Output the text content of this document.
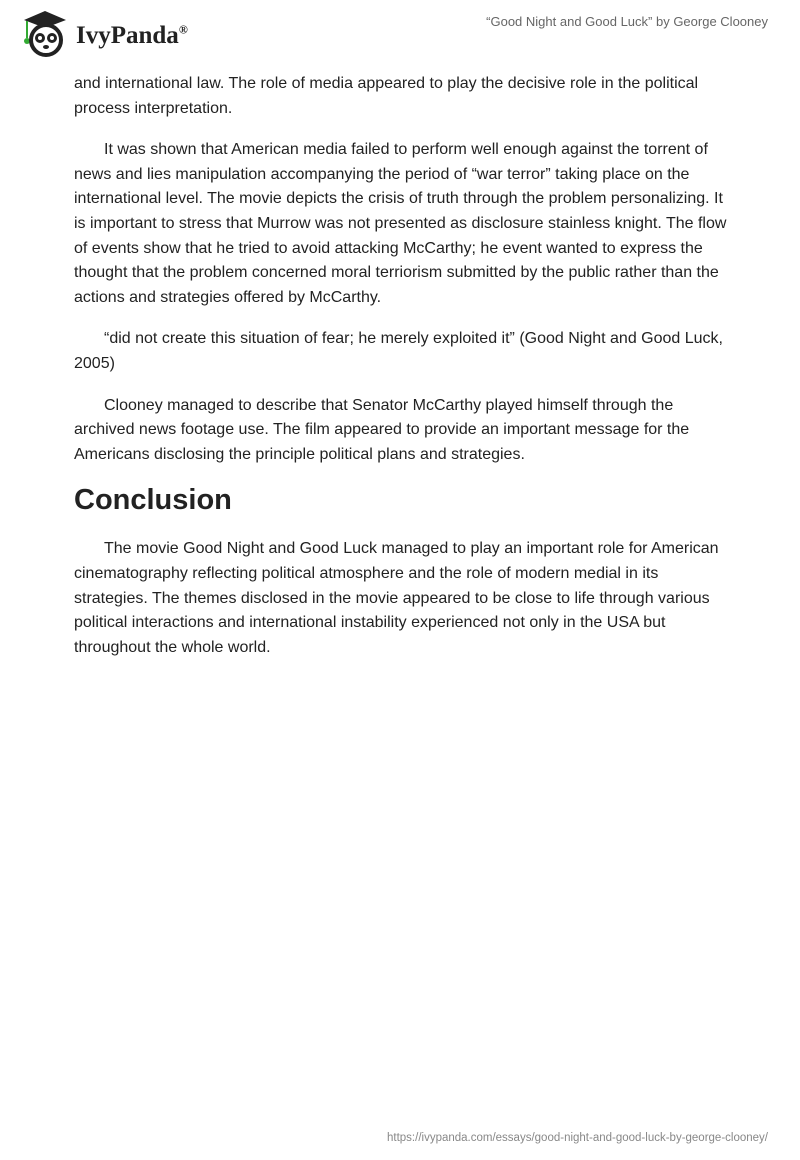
IvyPanda®
“Good Night and Good Luck” by George Clooney

and international law. The role of media appeared to play the decisive role in the political process interpretation.

It was shown that American media failed to perform well enough against the torrent of news and lies manipulation accompanying the period of “war terror” taking place on the international level. The movie depicts the crisis of truth through the problem personalizing. It is important to stress that Murrow was not presented as disclosure stainless knight. The flow of events show that he tried to avoid attacking McCarthy; he event wanted to express the thought that the problem concerned moral terriorism submitted by the public rather than the actions and strategies offered by McCarthy.

“did not create this situation of fear; he merely exploited it” (Good Night and Good Luck, 2005)

Clooney managed to describe that Senator McCarthy played himself through the archived news footage use. The film appeared to provide an important message for the Americans disclosing the principle political plans and strategies.

Conclusion

The movie Good Night and Good Luck managed to play an important role for American cinematography reflecting political atmosphere and the role of modern medial in its strategies. The themes disclosed in the movie appeared to be close to life through various political interactions and international instability experienced not only in the USA but throughout the whole world.

https://ivypanda.com/essays/good-night-and-good-luck-by-george-clooney/
